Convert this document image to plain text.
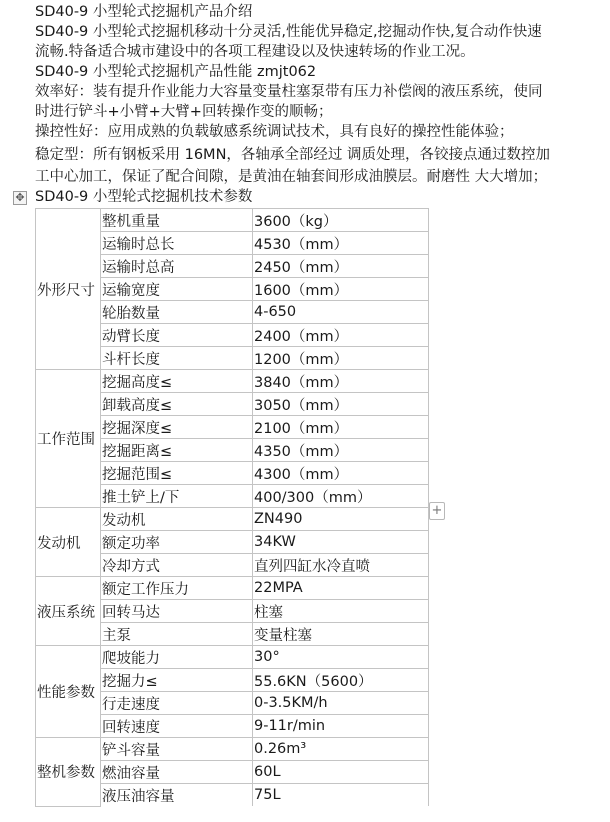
SD40-9 小型轮式挖掘机产品介绍
SD40-9 小型轮式挖掘机移动十分灵活,性能优异稳定,挖掘动作快,复合动作快速
流畅.特备适合城市建设中的各项工程建设以及快速转场的作业工况。
SD40-9 小型轮式挖掘机产品性能 zmjt062
效率好：装有提升作业能力大容量变量柱塞泵带有压力补偿阀的液压系统，使同
时进行铲斗+小臂+大臂+回转操作变的顺畅；
操控性好：应用成熟的负载敏感系统调试技术，具有良好的操控性能体验；
稳定型：所有钢板采用 16MN，各轴承全部经过 调质处理，各铰接点通过数控加
工中心加工，保证了配合间隙，是黄油在轴套间形成油膜层。耐磨性 大大增加；
SD40-9 小型轮式挖掘机技术参数
✥
+
外形尺寸	整机重量	3600（kg）
	运输时总长	4530（mm）
	运输时总高	2450（mm）
	运输宽度	1600（mm）
	轮胎数量	4-650
	动臂长度	2400（mm）
	斗杆长度	1200（mm）
工作范围	挖掘高度≤	3840（mm）
	卸载高度≤	3050（mm）
	挖掘深度≤	2100（mm）
	挖掘距离≤	4350（mm）
	挖掘范围≤	4300（mm）
	推土铲上/下	400/300（mm）
发动机	发动机	ZN490
	额定功率	34KW
	冷却方式	直列四缸水冷直喷
液压系统	额定工作压力	22MPA
	回转马达	柱塞
	主泵	变量柱塞
性能参数	爬坡能力	30°
	挖掘力≤	55.6KN（5600）
	行走速度	0-3.5KM/h
	回转速度	9-11r/min
整机参数	铲斗容量	0.26m³
	燃油容量	60L
	液压油容量	75L
